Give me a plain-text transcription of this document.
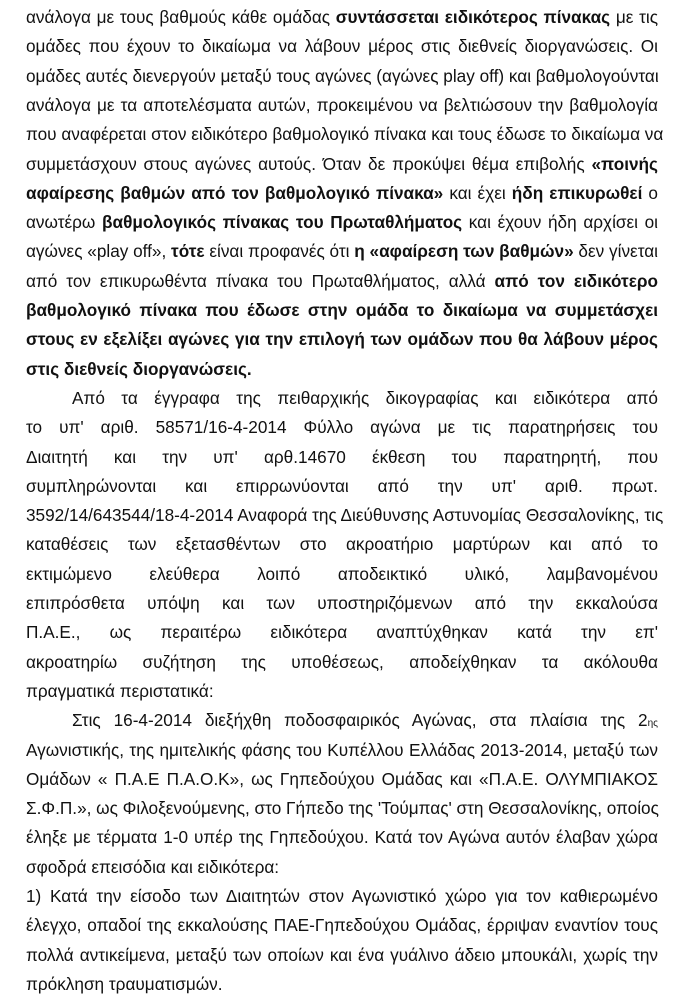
ανάλογα με τους βαθμούς κάθε ομάδας συντάσσεται ειδικότερος πίνακας με τις
ομάδες που έχουν το δικαίωμα να λάβουν μέρος στις διεθνείς διοργανώσεις. Οι
ομάδες αυτές διενεργούν μεταξύ τους αγώνες (αγώνες play off) και βαθμολογούνται
ανάλογα με τα αποτελέσματα αυτών, προκειμένου να βελτιώσουν την βαθμολογία
που αναφέρεται στον ειδικότερο βαθμολογικό πίνακα και τους έδωσε το δικαίωμα να
συμμετάσχουν στους αγώνες αυτούς. Όταν δε προκύψει θέμα επιβολής «ποινής
αφαίρεσης βαθμών από τον βαθμολογικό πίνακα» και έχει ήδη επικυρωθεί ο
ανωτέρω βαθμολογικός πίνακας του Πρωταθλήματος και έχουν ήδη αρχίσει οι
αγώνες «play off», τότε είναι προφανές ότι η «αφαίρεση των βαθμών» δεν γίνεται
από τον επικυρωθέντα πίνακα του Πρωταθλήματος, αλλά από τον ειδικότερο
βαθμολογικό πίνακα που έδωσε στην ομάδα το δικαίωμα να συμμετάσχει
στους εν εξελίξει αγώνες για την επιλογή των ομάδων που θα λάβουν μέρος
στις διεθνείς διοργανώσεις.
Από τα έγγραφα της πειθαρχικής δικογραφίας και ειδικότερα από
το υπ' αριθ. 58571/16-4-2014 Φύλλο αγώνα με τις παρατηρήσεις του
Διαιτητή και την υπ' αρθ.14670 έκθεση του παρατηρητή, που
συμπληρώνονται και επιρρωνύονται από την υπ' αριθ. πρωτ.
3592/14/643544/18-4-2014 Αναφορά της Διεύθυνσης Αστυνομίας Θεσσαλονίκης, τις
καταθέσεις των εξετασθέντων στο ακροατήριο μαρτύρων και από το
εκτιμώμενο ελεύθερα λοιπό αποδεικτικό υλικό, λαμβανομένου
επιπρόσθετα υπόψη και των υποστηριζόμενων από την εκκαλούσα
Π.Α.Ε., ως περαιτέρω ειδικότερα αναπτύχθηκαν κατά την επ'
ακροατηρίω συζήτηση της υποθέσεως, αποδείχθηκαν τα ακόλουθα
πραγματικά περιστατικά:
Στις 16-4-2014 διεξήχθη ποδοσφαιρικός Αγώνας, στα πλαίσια της 2ης
Αγωνιστικής, της ημιτελικής φάσης του Κυπέλλου Ελλάδας 2013-2014, μεταξύ των
Ομάδων « Π.Α.Ε Π.Α.Ο.Κ», ως Γηπεδούχου Ομάδας και «Π.Α.Ε. ΟΛΥΜΠΙΑΚΟΣ
Σ.Φ.Π.», ως Φιλοξενούμενης, στο Γήπεδο της 'Τούμπας' στη Θεσσαλονίκης, οποίος
έληξε με τέρματα 1-0 υπέρ της Γηπεδούχου. Κατά τον Αγώνα αυτόν έλαβαν χώρα
σφοδρά επεισόδια και ειδικότερα:
1) Κατά την είσοδο των Διαιτητών στον Αγωνιστικό χώρο για τον καθιερωμένο
έλεγχο, οπαδοί της εκκαλούσης ΠΑΕ-Γηπεδούχου Ομάδας, έρριψαν εναντίον τους
πολλά αντικείμενα, μεταξύ των οποίων και ένα γυάλινο άδειο μπουκάλι, χωρίς την
πρόκληση τραυματισμών.
